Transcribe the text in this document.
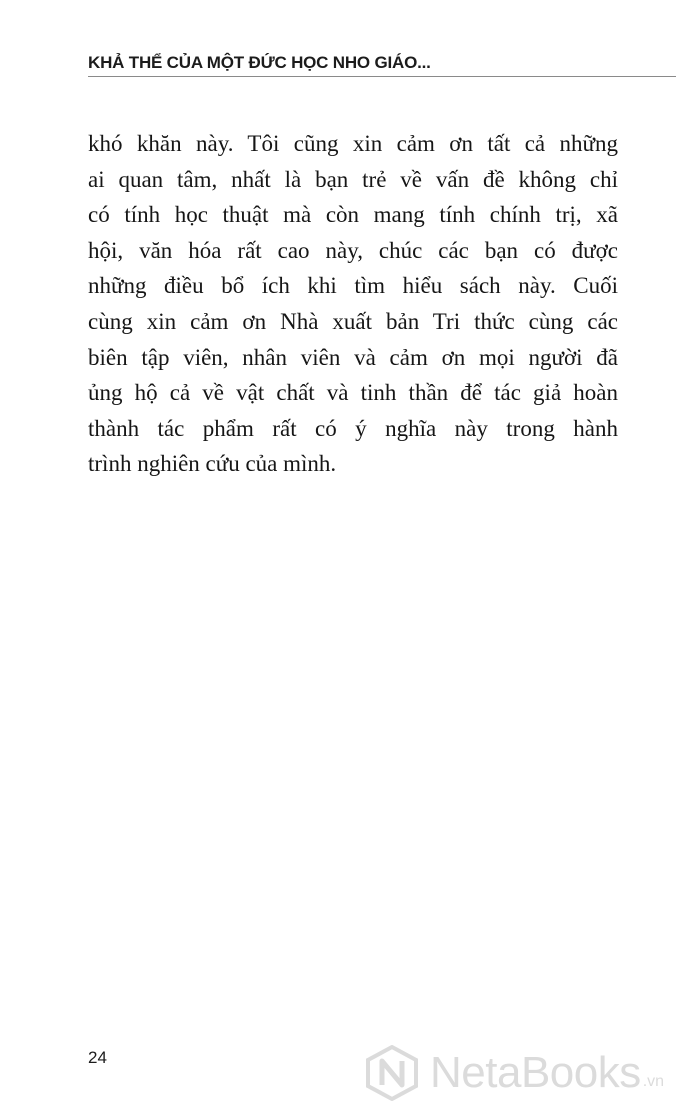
KHẢ THỂ CỦA MỘT ĐỨC HỌC NHO GIÁO...
khó khăn này. Tôi cũng xin cảm ơn tất cả những
ai quan tâm, nhất là bạn trẻ về vấn đề không chỉ
có tính học thuật mà còn mang tính chính trị, xã
hội, văn hóa rất cao này, chúc các bạn có được
những điều bổ ích khi tìm hiểu sách này. Cuối
cùng xin cảm ơn Nhà xuất bản Tri thức cùng các
biên tập viên, nhân viên và cảm ơn mọi người đã
ủng hộ cả về vật chất và tinh thần để tác giả hoàn
thành tác phẩm rất có ý nghĩa này trong hành
trình nghiên cứu của mình.
24	NetaBooks .vn
